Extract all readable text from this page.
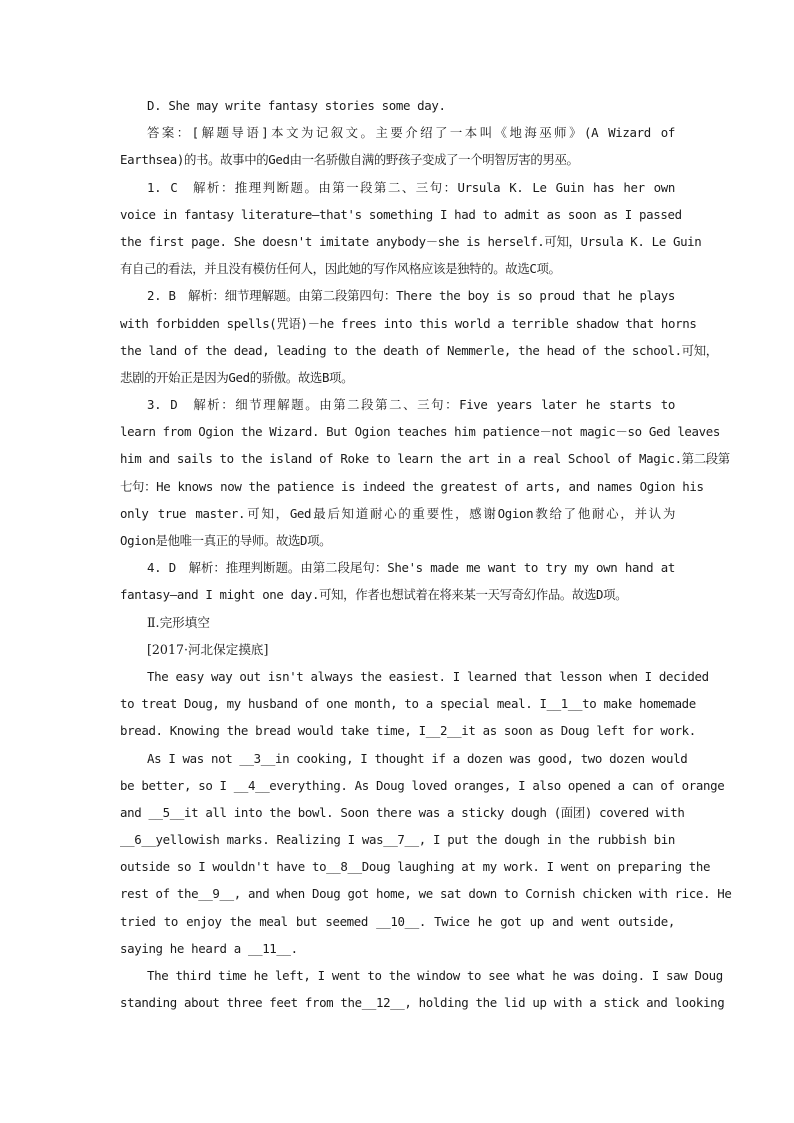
D. She may write fantasy stories some day.
答案：[解题导语]本文为记叙文。主要介绍了一本叫《地海巫师》(A Wizard of
Earthsea)的书。故事中的Ged由一名骄傲自满的野孩子变成了一个明智厉害的男巫。
1. C　解析：推理判断题。由第一段第二、三句：Ursula K. Le Guin has her own
voice in fantasy literature—that's something I had to admit as soon as I passed
the first page. She doesn't imitate anybody－she is herself.可知，Ursula K. Le Guin
有自己的看法，并且没有模仿任何人，因此她的写作风格应该是独特的。故选C项。
2. B　解析：细节理解题。由第二段第四句：There the boy is so proud that he plays
with forbidden spells(咒语)－he frees into this world a terrible shadow that horns
the land of the dead, leading to the death of Nemmerle, the head of the school.可知，
悲剧的开始正是因为Ged的骄傲。故选B项。
3. D　解析：细节理解题。由第二段第二、三句：Five years later he starts to
learn from Ogion the Wizard. But Ogion teaches him patience－not magic－so Ged leaves
him and sails to the island of Roke to learn the art in a real School of Magic.第二段第
七句：He knows now the patience is indeed the greatest of arts, and names Ogion his
only true master.可知，Ged最后知道耐心的重要性，感谢Ogion教给了他耐心，并认为
Ogion是他唯一真正的导师。故选D项。
4. D　解析：推理判断题。由第二段尾句：She's made me want to try my own hand at
fantasy—and I might one day.可知，作者也想试着在将来某一天写奇幻作品。故选D项。
Ⅱ.完形填空
[2017·河北保定摸底]
The easy way out isn't always the easiest. I learned that lesson when I decided
to treat Doug, my husband of one month, to a special meal. I__1__to make homemade
bread. Knowing the bread would take time, I__2__it as soon as Doug left for work.
As I was not __3__in cooking, I thought if a dozen was good, two dozen would
be better, so I __4__everything. As Doug loved oranges, I also opened a can of orange
and __5__it all into the bowl. Soon there was a sticky dough (面团) covered with
__6__yellowish marks. Realizing I was__7__, I put the dough in the rubbish bin
outside so I wouldn't have to__8__Doug laughing at my work. I went on preparing the
rest of the__9__, and when Doug got home, we sat down to Cornish chicken with rice. He
tried to enjoy the meal but seemed __10__. Twice he got up and went outside,
saying he heard a __11__.
The third time he left, I went to the window to see what he was doing. I saw Doug
standing about three feet from the__12__, holding the lid up with a stick and looking
